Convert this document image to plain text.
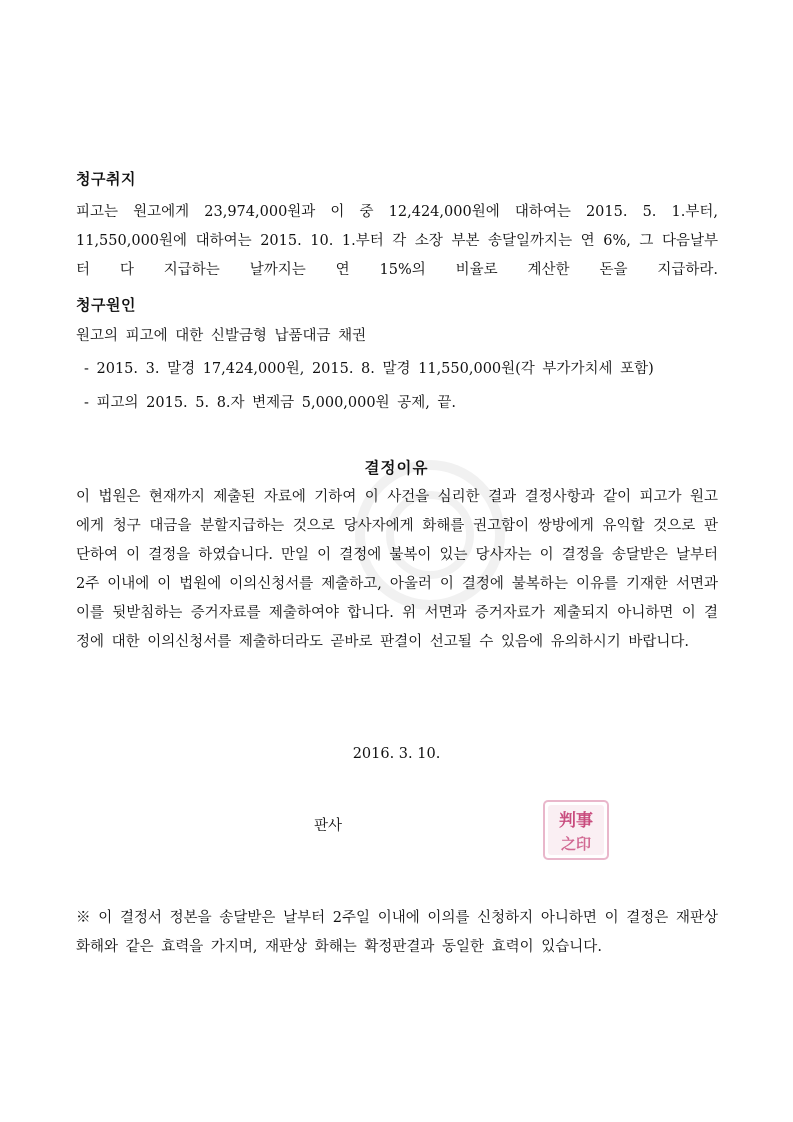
청구취지
피고는 원고에게 23,974,000원과 이 중 12,424,000원에 대하여는 2015. 5. 1.부터, 11,550,000원에 대하여는 2015. 10. 1.부터 각 소장 부본 송달일까지는 연 6%, 그 다음날부터 다 지급하는 날까지는 연 15%의 비율로 계산한 돈을 지급하라.
청구원인
원고의 피고에 대한 신발금형 납품대금 채권
- 2015. 3. 말경 17,424,000원, 2015. 8. 말경 11,550,000원(각 부가가치세 포함)
- 피고의 2015. 5. 8.자 변제금 5,000,000원 공제, 끝.
결정이유
이 법원은 현재까지 제출된 자료에 기하여 이 사건을 심리한 결과 결정사항과 같이 피고가 원고에게 청구 대금을 분할지급하는 것으로 당사자에게 화해를 권고함이 쌍방에게 유익할 것으로 판단하여 이 결정을 하였습니다. 만일 이 결정에 불복이 있는 당사자는 이 결정을 송달받은 날부터 2주 이내에 이 법원에 이의신청서를 제출하고, 아울러 이 결정에 불복하는 이유를 기재한 서면과 이를 뒷받침하는 증거자료를 제출하여야 합니다. 위 서면과 증거자료가 제출되지 아니하면 이 결정에 대한 이의신청서를 제출하더라도 곧바로 판결이 선고될 수 있음에 유의하시기 바랍니다.
2016. 3. 10.
판사	判事
之印
※ 이 결정서 정본을 송달받은 날부터 2주일 이내에 이의를 신청하지 아니하면 이 결정은 재판상 화해와 같은 효력을 가지며, 재판상 화해는 확정판결과 동일한 효력이 있습니다.
